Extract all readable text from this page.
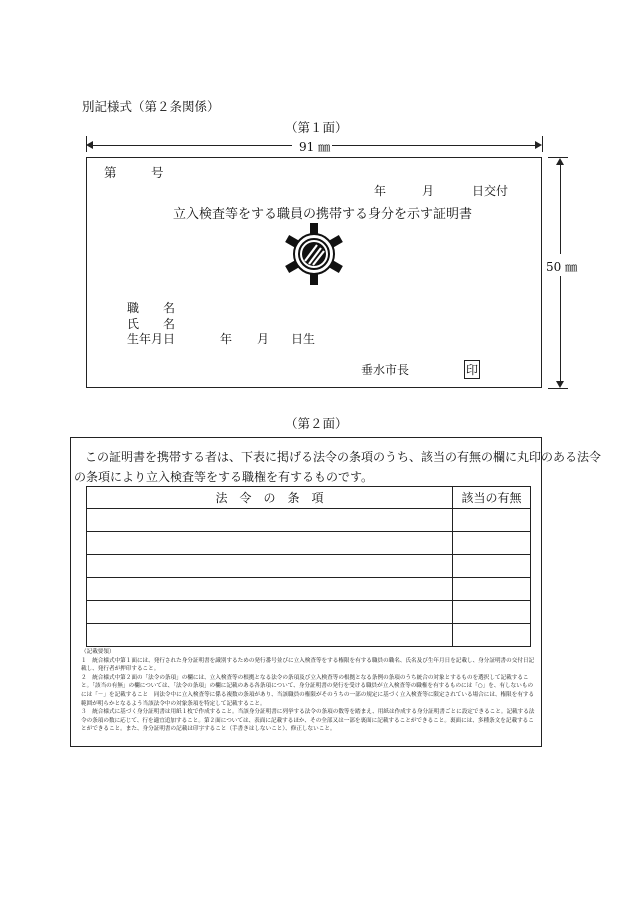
別記様式（第２条関係）
（第１面）
91 ㎜
50 ㎜
第	号
年	月	日交付
立入検査等をする職員の携帯する身分を示す証明書
職　　名
氏　　名
生年月日	年 月 日生
垂水市長	印
（第２面）
この証明書を携帯する者は、下表に掲げる法令の条項のうち、該当の有無の欄に丸印のある法令
の条項により立入検査等をする職権を有するものです。
法　令　の　条　項	該当の有無

（記載要領）

１　統合様式中第１面には、発行された身分証明書を識別するための発行番号並びに立入検査等をする権限を有する職員の職名、氏名及び生年月日を記載し、身分証明書の交付日記載し、発行者が押印すること。

２　統合様式中第２面の「法令の条項」の欄には、立入検査等の根拠となる法令の条項及び立入検査等の根拠となる条例の条項のうち統合の対象とするものを選択して記載すること。「該当の有無」の欄については、「法令の条項」の欄に記載のある各条項について、身分証明書の発行を受ける職員が立入検査等の職権を有するものには「○」を、有しないものには「－」を記載すること　同法令中に立入検査等に係る複数の条項があり、当該職員の権限がそのうちの一部の規定に基づく立入検査等に限定されている場合には、権限を有する範囲が明らかとなるよう当該法令中の対象条項を特定して記載すること。

３　統合様式に基づく身分証明書は用紙１枚で作成すること。当該身分証明書に列挙する法令の条項の数等を踏まえ、用紙は作成する身分証明書ごとに設定できること。記載する法令の条項の数に応じて、行を適宜追加すること。第２面については、表面に記載するほか、その全部又は一部を裏面に記載することができること。裏面には、多種条文を記載することができること。また、身分証明書の記載は印字すること（手書きはしないこと）、修正しないこと。
